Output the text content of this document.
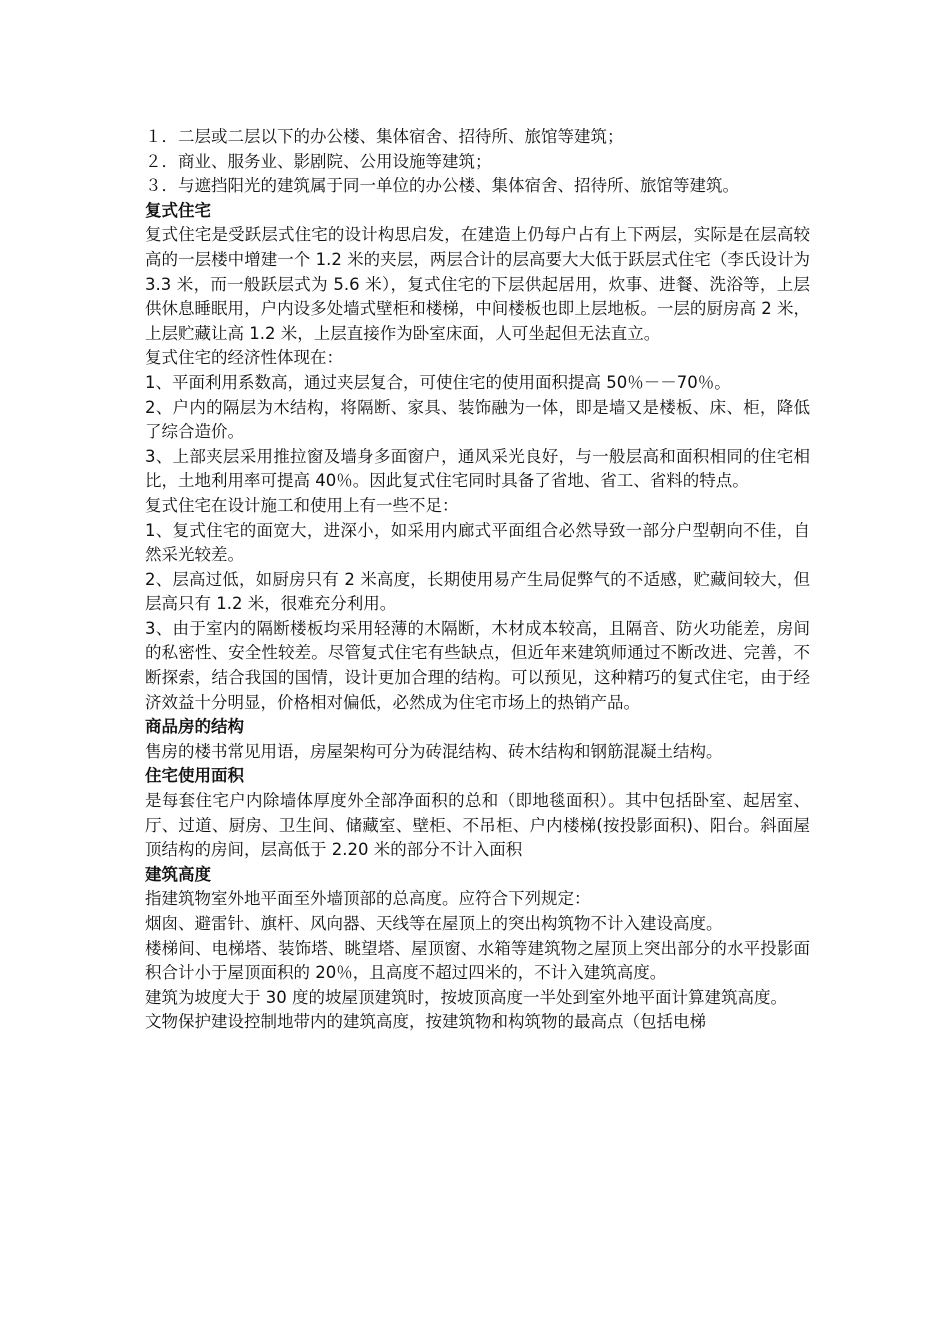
１．二层或二层以下的办公楼、集体宿舍、招待所、旅馆等建筑；

２．商业、服务业、影剧院、公用设施等建筑；

３．与遮挡阳光的建筑属于同一单位的办公楼、集体宿舍、招待所、旅馆等建筑。

复式住宅

复式住宅是受跃层式住宅的设计构思启发，在建造上仍每户占有上下两层，实际是在层高较高的一层楼中增建一个 1.2 米的夹层，两层合计的层高要大大低于跃层式住宅（李氏设计为 3.3 米，而一般跃层式为 5.6 米），复式住宅的下层供起居用，炊事、进餐、洗浴等，上层供休息睡眠用，户内设多处墙式壁柜和楼梯，中间楼板也即上层地板。一层的厨房高 2 米，上层贮藏让高 1.2 米，上层直接作为卧室床面，人可坐起但无法直立。

复式住宅的经济性体现在：

1、平面利用系数高，通过夹层复合，可使住宅的使用面积提高 50％－－70％。

2、户内的隔层为木结构，将隔断、家具、装饰融为一体，即是墙又是楼板、床、柜，降低了综合造价。

3、上部夹层采用推拉窗及墙身多面窗户，通风采光良好，与一般层高和面积相同的住宅相比，土地利用率可提高 40％。因此复式住宅同时具备了省地、省工、省料的特点。

复式住宅在设计施工和使用上有一些不足：

1、复式住宅的面宽大，进深小，如采用内廊式平面组合必然导致一部分户型朝向不佳，自然采光较差。

2、层高过低，如厨房只有 2 米高度，长期使用易产生局促弊气的不适感，贮藏间较大，但层高只有 1.2 米，很难充分利用。

3、由于室内的隔断楼板均采用轻薄的木隔断，木材成本较高，且隔音、防火功能差，房间的私密性、安全性较差。尽管复式住宅有些缺点，但近年来建筑师通过不断改进、完善，不断探索，结合我国的国情，设计更加合理的结构。可以预见，这种精巧的复式住宅，由于经济效益十分明显，价格相对偏低，必然成为住宅市场上的热销产品。

商品房的结构

售房的楼书常见用语，房屋架构可分为砖混结构、砖木结构和钢筋混凝土结构。

住宅使用面积

是每套住宅户内除墙体厚度外全部净面积的总和（即地毯面积）。其中包括卧室、起居室、厅、过道、厨房、卫生间、储藏室、壁柜、不吊柜、户内楼梯(按投影面积)、阳台。斜面屋顶结构的房间，层高低于 2.20 米的部分不计入面积

建筑高度

指建筑物室外地平面至外墙顶部的总高度。应符合下列规定：

烟囱、避雷针、旗杆、风向器、天线等在屋顶上的突出构筑物不计入建设高度。

楼梯间、电梯塔、装饰塔、眺望塔、屋顶窗、水箱等建筑物之屋顶上突出部分的水平投影面积合计小于屋顶面积的 20％，且高度不超过四米的，不计入建筑高度。

建筑为坡度大于 30 度的坡屋顶建筑时，按坡顶高度一半处到室外地平面计算建筑高度。

文物保护建设控制地带内的建筑高度，按建筑物和构筑物的最高点（包括电梯
